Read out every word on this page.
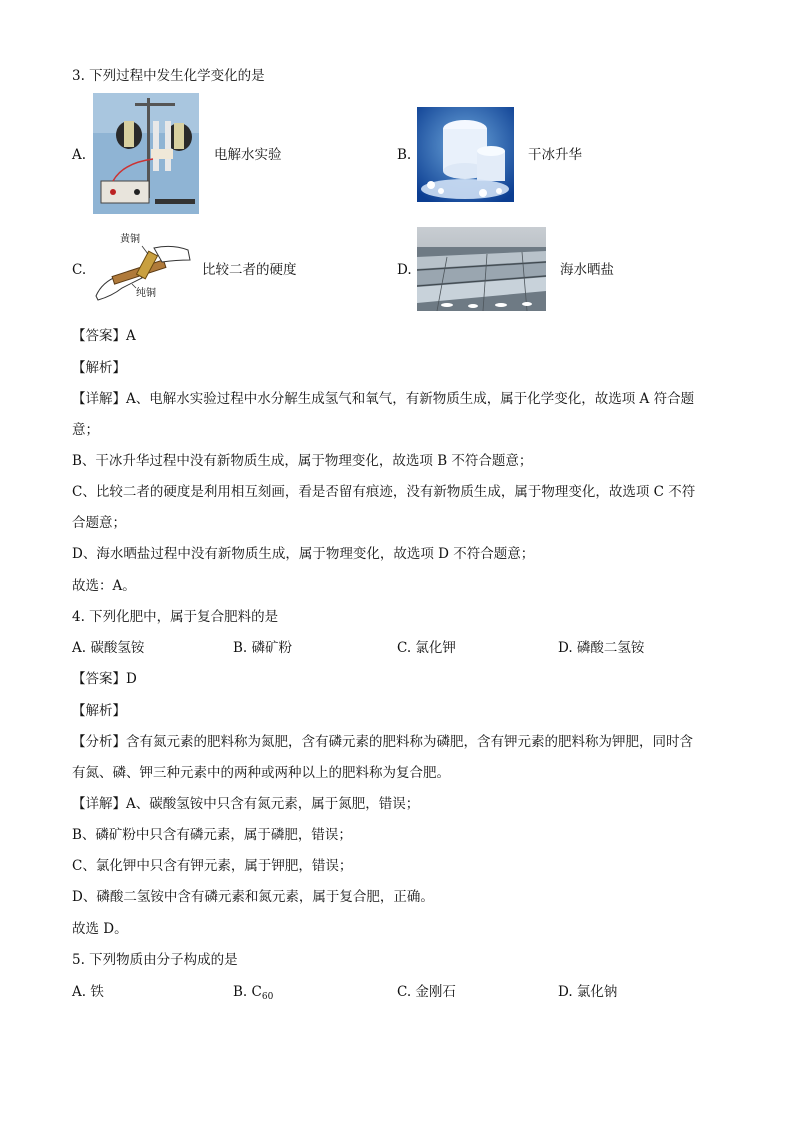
3. 下列过程中发生化学变化的是
A.	电解水实验	B.	干冰升华
C.
黄铜
纯铜
比较二者的硬度	D.	海水晒盐
【答案】A
【解析】
【详解】A、电解水实验过程中水分解生成氢气和氧气，有新物质生成，属于化学变化，故选项 A 符合题
意；
B、干冰升华过程中没有新物质生成，属于物理变化，故选项 B 不符合题意；
C、比较二者的硬度是利用相互刻画，看是否留有痕迹，没有新物质生成，属于物理变化，故选项 C 不符
合题意；
D、海水晒盐过程中没有新物质生成，属于物理变化，故选项 D 不符合题意；
故选：A。
4. 下列化肥中，属于复合肥料的是
A. 碳酸氢铵	B. 磷矿粉	C. 氯化钾	D. 磷酸二氢铵
【答案】D
【解析】
【分析】含有氮元素的肥料称为氮肥，含有磷元素的肥料称为磷肥，含有钾元素的肥料称为钾肥，同时含
有氮、磷、钾三种元素中的两种或两种以上的肥料称为复合肥。
【详解】A、碳酸氢铵中只含有氮元素，属于氮肥，错误；
B、磷矿粉中只含有磷元素，属于磷肥，错误；
C、氯化钾中只含有钾元素，属于钾肥，错误；
D、磷酸二氢铵中含有磷元素和氮元素，属于复合肥，正确。
故选 D。
5. 下列物质由分子构成的是
A. 铁	B. $C_{60}$	C. 金刚石	D. 氯化钠
